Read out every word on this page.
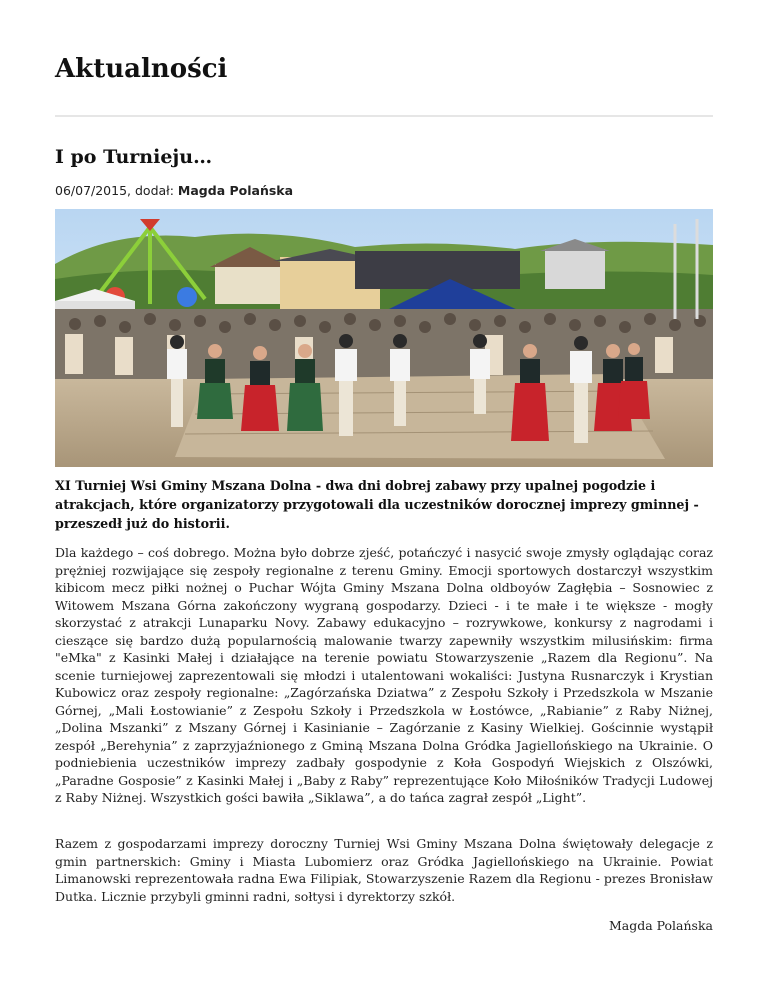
Aktualności
I po Turnieju…
06/07/2015, dodał: Magda Polańska

XI Turniej Wsi Gminy Mszana Dolna - dwa dni dobrej zabawy przy upalnej pogodzie i atrakcjach, które organizatorzy przygotowali dla uczestników dorocznej imprezy gminnej - przeszedł już do historii.

Dla każdego – coś dobrego. Można było dobrze zjeść, potańczyć i nasycić swoje zmysły oglądając coraz prężniej rozwijające się zespoły regionalne z terenu Gminy. Emocji sportowych dostarczył wszystkim kibicom mecz piłki nożnej o Puchar Wójta Gminy Mszana Dolna oldboyów Zagłębia – Sosnowiec z Witowem Mszana Górna zakończony wygraną gospodarzy. Dzieci - i te małe i te większe - mogły skorzystać z atrakcji Lunaparku Novy. Zabawy edukacyjno – rozrywkowe, konkursy z nagrodami i cieszące się bardzo dużą popularnością malowanie twarzy zapewniły wszystkim milusińskim: firma "eMka" z Kasinki Małej i działające na terenie powiatu Stowarzyszenie „Razem dla Regionu”. Na scenie turniejowej zaprezentowali się młodzi i utalentowani wokaliści: Justyna Rusnarczyk i Krystian Kubowicz oraz zespoły regionalne: „Zagórzańska Dziatwa” z Zespołu Szkoły i Przedszkola w Mszanie Górnej, „Mali Łostowianie” z Zespołu Szkoły i Przedszkola w Łostówce, „Rabianie” z Raby Niżnej, „Dolina Mszanki” z Mszany Górnej i Kasinianie – Zagórzanie z Kasiny Wielkiej. Gościnnie wystąpił zespół „Berehynia” z zaprzyjaźnionego z Gminą Mszana Dolna Gródka Jagiellońskiego na Ukrainie. O podniebienia uczestników imprezy zadbały gospodynie z Koła Gospodyń Wiejskich z Olszówki, „Paradne Gosposie” z Kasinki Małej i „Baby z Raby” reprezentujące Koło Miłośników Tradycji Ludowej z Raby Niżnej. Wszystkich gości bawiła „Siklawa”, a do tańca zagrał zespół „Light”.

Razem z gospodarzami imprezy doroczny Turniej Wsi Gminy Mszana Dolna świętowały delegacje z gmin partnerskich: Gminy i Miasta Lubomierz oraz Gródka Jagiellońskiego na Ukrainie. Powiat Limanowski reprezentowała radna Ewa Filipiak, Stowarzyszenie Razem dla Regionu - prezes Bronisław Dutka. Licznie przybyli gminni radni, sołtysi i dyrektorzy szkół.

Magda Polańska
